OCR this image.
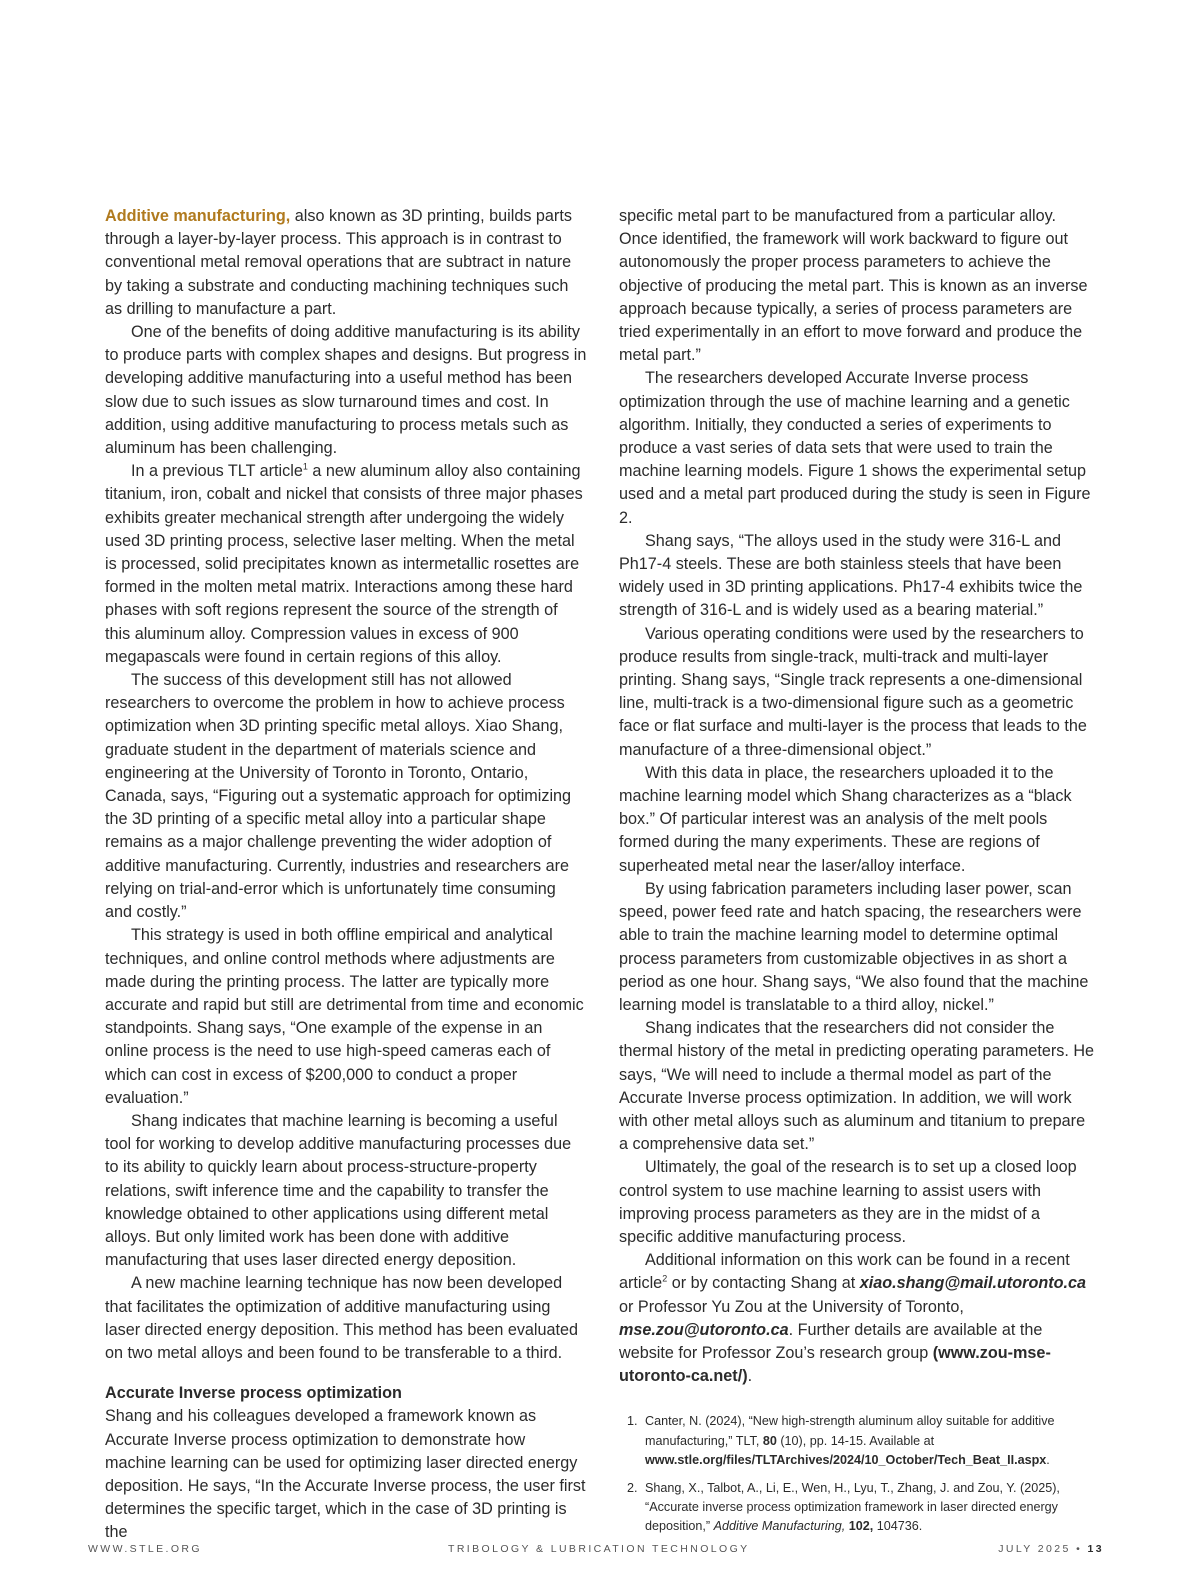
Additive manufacturing, also known as 3D printing, builds parts through a layer-by-layer process. This approach is in contrast to conventional metal removal operations that are subtract in nature by taking a substrate and conducting machining techniques such as drilling to manufacture a part.

One of the benefits of doing additive manufacturing is its ability to produce parts with complex shapes and designs. But progress in developing additive manufacturing into a useful method has been slow due to such issues as slow turnaround times and cost. In addition, using additive manufacturing to process metals such as aluminum has been challenging.

In a previous TLT article$^1$ a new aluminum alloy also containing titanium, iron, cobalt and nickel that consists of three major phases exhibits greater mechanical strength after undergoing the widely used 3D printing process, selective laser melting. When the metal is processed, solid precipitates known as intermetallic rosettes are formed in the molten metal matrix. Interactions among these hard phases with soft regions represent the source of the strength of this aluminum alloy. Compression values in excess of 900 megapascals were found in certain regions of this alloy.

The success of this development still has not allowed researchers to overcome the problem in how to achieve process optimization when 3D printing specific metal alloys. Xiao Shang, graduate student in the department of materials science and engineering at the University of Toronto in Toronto, Ontario, Canada, says, “Figuring out a systematic approach for optimizing the 3D printing of a specific metal alloy into a particular shape remains as a major challenge preventing the wider adoption of additive manufacturing. Currently, industries and researchers are relying on trial-and-error which is unfortunately time consuming and costly.”

This strategy is used in both offline empirical and analytical techniques, and online control methods where adjustments are made during the printing process. The latter are typically more accurate and rapid but still are detrimental from time and economic standpoints. Shang says, “One example of the expense in an online process is the need to use high-speed cameras each of which can cost in excess of $200,000 to conduct a proper evaluation.”

Shang indicates that machine learning is becoming a useful tool for working to develop additive manufacturing processes due to its ability to quickly learn about process-structure-property relations, swift inference time and the capability to transfer the knowledge obtained to other applications using different metal alloys. But only limited work has been done with additive manufacturing that uses laser directed energy deposition.

A new machine learning technique has now been developed that facilitates the optimization of additive manufacturing using laser directed energy deposition. This method has been evaluated on two metal alloys and been found to be transferable to a third.

Accurate Inverse process optimization

Shang and his colleagues developed a framework known as Accurate Inverse process optimization to demonstrate how machine learning can be used for optimizing laser directed energy deposition. He says, “In the Accurate Inverse process, the user first determines the specific target, which in the case of 3D printing is the

specific metal part to be manufactured from a particular alloy. Once identified, the framework will work backward to figure out autonomously the proper process parameters to achieve the objective of producing the metal part. This is known as an inverse approach because typically, a series of process parameters are tried experimentally in an effort to move forward and produce the metal part.”

The researchers developed Accurate Inverse process optimization through the use of machine learning and a genetic algorithm. Initially, they conducted a series of experiments to produce a vast series of data sets that were used to train the machine learning models. Figure 1 shows the experimental setup used and a metal part produced during the study is seen in Figure 2.

Shang says, “The alloys used in the study were 316-L and Ph17-4 steels. These are both stainless steels that have been widely used in 3D printing applications. Ph17-4 exhibits twice the strength of 316-L and is widely used as a bearing material.”

Various operating conditions were used by the researchers to produce results from single-track, multi-track and multi-layer printing. Shang says, “Single track represents a one-dimensional line, multi-track is a two-dimensional figure such as a geometric face or flat surface and multi-layer is the process that leads to the manufacture of a three-dimensional object.”

With this data in place, the researchers uploaded it to the machine learning model which Shang characterizes as a “black box.” Of particular interest was an analysis of the melt pools formed during the many experiments. These are regions of superheated metal near the laser/alloy interface.

By using fabrication parameters including laser power, scan speed, power feed rate and hatch spacing, the researchers were able to train the machine learning model to determine optimal process parameters from customizable objectives in as short a period as one hour. Shang says, “We also found that the machine learning model is translatable to a third alloy, nickel.”

Shang indicates that the researchers did not consider the thermal history of the metal in predicting operating parameters. He says, “We will need to include a thermal model as part of the Accurate Inverse process optimization. In addition, we will work with other metal alloys such as aluminum and titanium to prepare a comprehensive data set.”

Ultimately, the goal of the research is to set up a closed loop control system to use machine learning to assist users with improving process parameters as they are in the midst of a specific additive manufacturing process.

Additional information on this work can be found in a recent article$^2$ or by contacting Shang at xiao.shang@mail.utoronto.ca or Professor Yu Zou at the University of Toronto, mse.zou@utoronto.ca. Further details are available at the website for Professor Zou’s research group (www.zou-mse-utoronto-ca.net/).

1. Canter, N. (2024), “New high-strength aluminum alloy suitable for additive manufacturing,” TLT, 80 (10), pp. 14-15. Available at www.stle.org/files/TLTArchives/2024/10_October/Tech_Beat_II.aspx.
2. Shang, X., Talbot, A., Li, E., Wen, H., Lyu, T., Zhang, J. and Zou, Y. (2025), “Accurate inverse process optimization framework in laser directed energy deposition,” Additive Manufacturing, 102, 104736.
WWW.STLE.ORG	TRIBOLOGY & LUBRICATION TECHNOLOGY	JULY 2025 • 13
